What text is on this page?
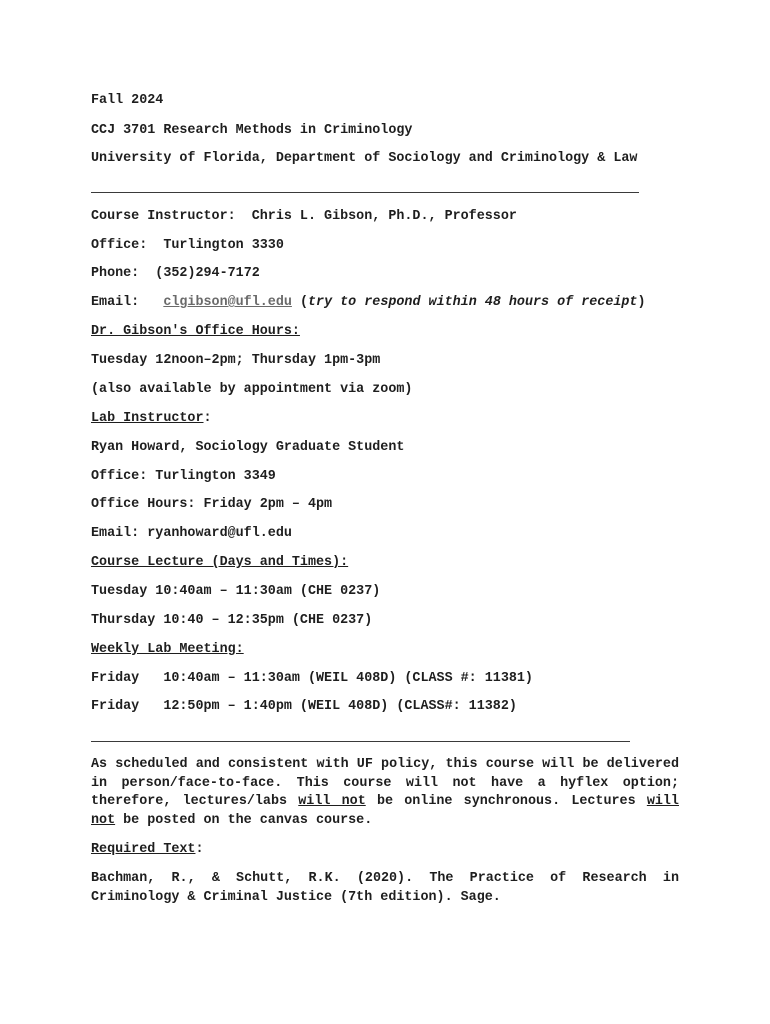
Fall 2024
CCJ 3701 Research Methods in Criminology
University of Florida, Department of Sociology and Criminology & Law
Course Instructor:  Chris L. Gibson, Ph.D., Professor
Office:  Turlington 3330
Phone:  (352)294-7172
Email:   clgibson@ufl.edu (try to respond within 48 hours of receipt)
Dr. Gibson's Office Hours:
Tuesday 12noon–2pm; Thursday 1pm-3pm
(also available by appointment via zoom)
Lab Instructor:
Ryan Howard, Sociology Graduate Student
Office: Turlington 3349
Office Hours: Friday 2pm – 4pm
Email: ryanhoward@ufl.edu
Course Lecture (Days and Times):
Tuesday 10:40am – 11:30am (CHE 0237)
Thursday 10:40 – 12:35pm (CHE 0237)
Weekly Lab Meeting:
Friday   10:40am – 11:30am (WEIL 408D) (CLASS #: 11381)
Friday   12:50pm – 1:40pm (WEIL 408D) (CLASS#: 11382)
As scheduled and consistent with UF policy, this course will be delivered in person/face-to-face. This course will not have a hyflex option; therefore, lectures/labs will not be online synchronous. Lectures will not be posted on the canvas course.
Required Text:
Bachman, R., & Schutt, R.K. (2020). The Practice of Research in Criminology & Criminal Justice (7th edition). Sage.
